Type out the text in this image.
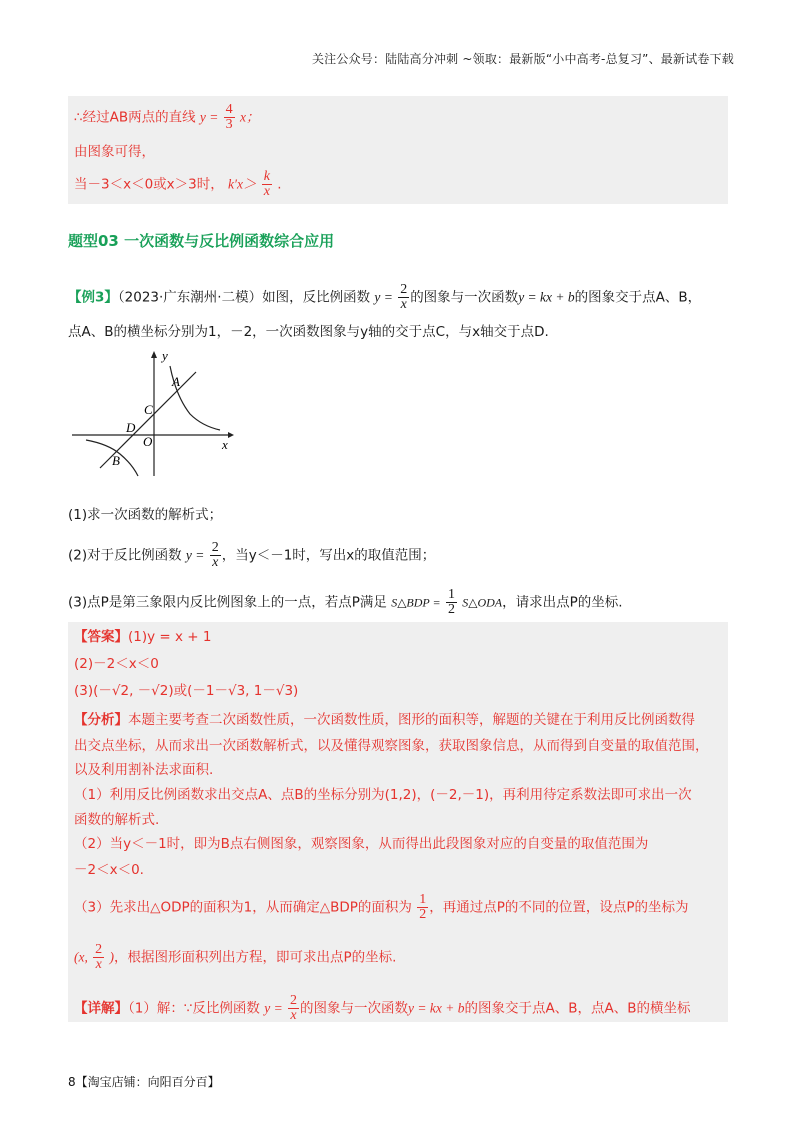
关注公众号：陆陆高分冲刺 ~领取：最新版“小中高考-总复习”、最新试卷下载
∴经过AB两点的直线 $y = \frac{4}{3}$ x；
由图象可得，
当－3＜x＜0或x＞3时， $k'x> \frac{k}{x}$ .
题型03 一次函数与反比例函数综合应用
【例3】（2023·广东潮州·二模）如图，反比例函数 $y = \frac{2}{x}$ 的图象与一次函数y = kx + b的图象交于点A、B，
点A、B的横坐标分别为1，－2，一次函数图象与y轴的交于点C，与x轴交于点D.
y
x
A
C
D
O
B
(1)求一次函数的解析式；
(2)对于反比例函数 $y = \frac{2}{x}$ ，当y＜－1时，写出x的取值范围；
(3)点P是第三象限内反比例图象上的一点，若点P满足 S△BDP = $\frac{1}{2}$ S△ODA，请求出点P的坐标.
【答案】(1)y = x + 1
(2)－2＜x＜0
(3)(－√2, －√2)或(－1－√3, 1－√3)
【分析】本题主要考查二次函数性质，一次函数性质，图形的面积等，解题的关键在于利用反比例函数得
出交点坐标，从而求出一次函数解析式，以及懂得观察图象，获取图象信息，从而得到自变量的取值范围，
以及利用割补法求面积.
（1）利用反比例函数求出交点A、点B的坐标分别为(1,2)，(－2,－1)，再利用待定系数法即可求出一次
函数的解析式.
（2）当y＜－1时，即为B点右侧图象，观察图象，从而得出此段图象对应的自变量的取值范围为
－2＜x＜0.
（3）先求出△ODP的面积为1，从而确定△BDP的面积为 $\frac{1}{2}$ ，再通过点P的不同的位置，设点P的坐标为
(x, $\frac{2}{x}$ )，根据图形面积列出方程，即可求出点P的坐标.
【详解】（1）解：∵反比例函数 $y = \frac{2}{x}$ 的图象与一次函数y = kx + b的图象交于点A、B，点A、B的横坐标
8【淘宝店铺：向阳百分百】
